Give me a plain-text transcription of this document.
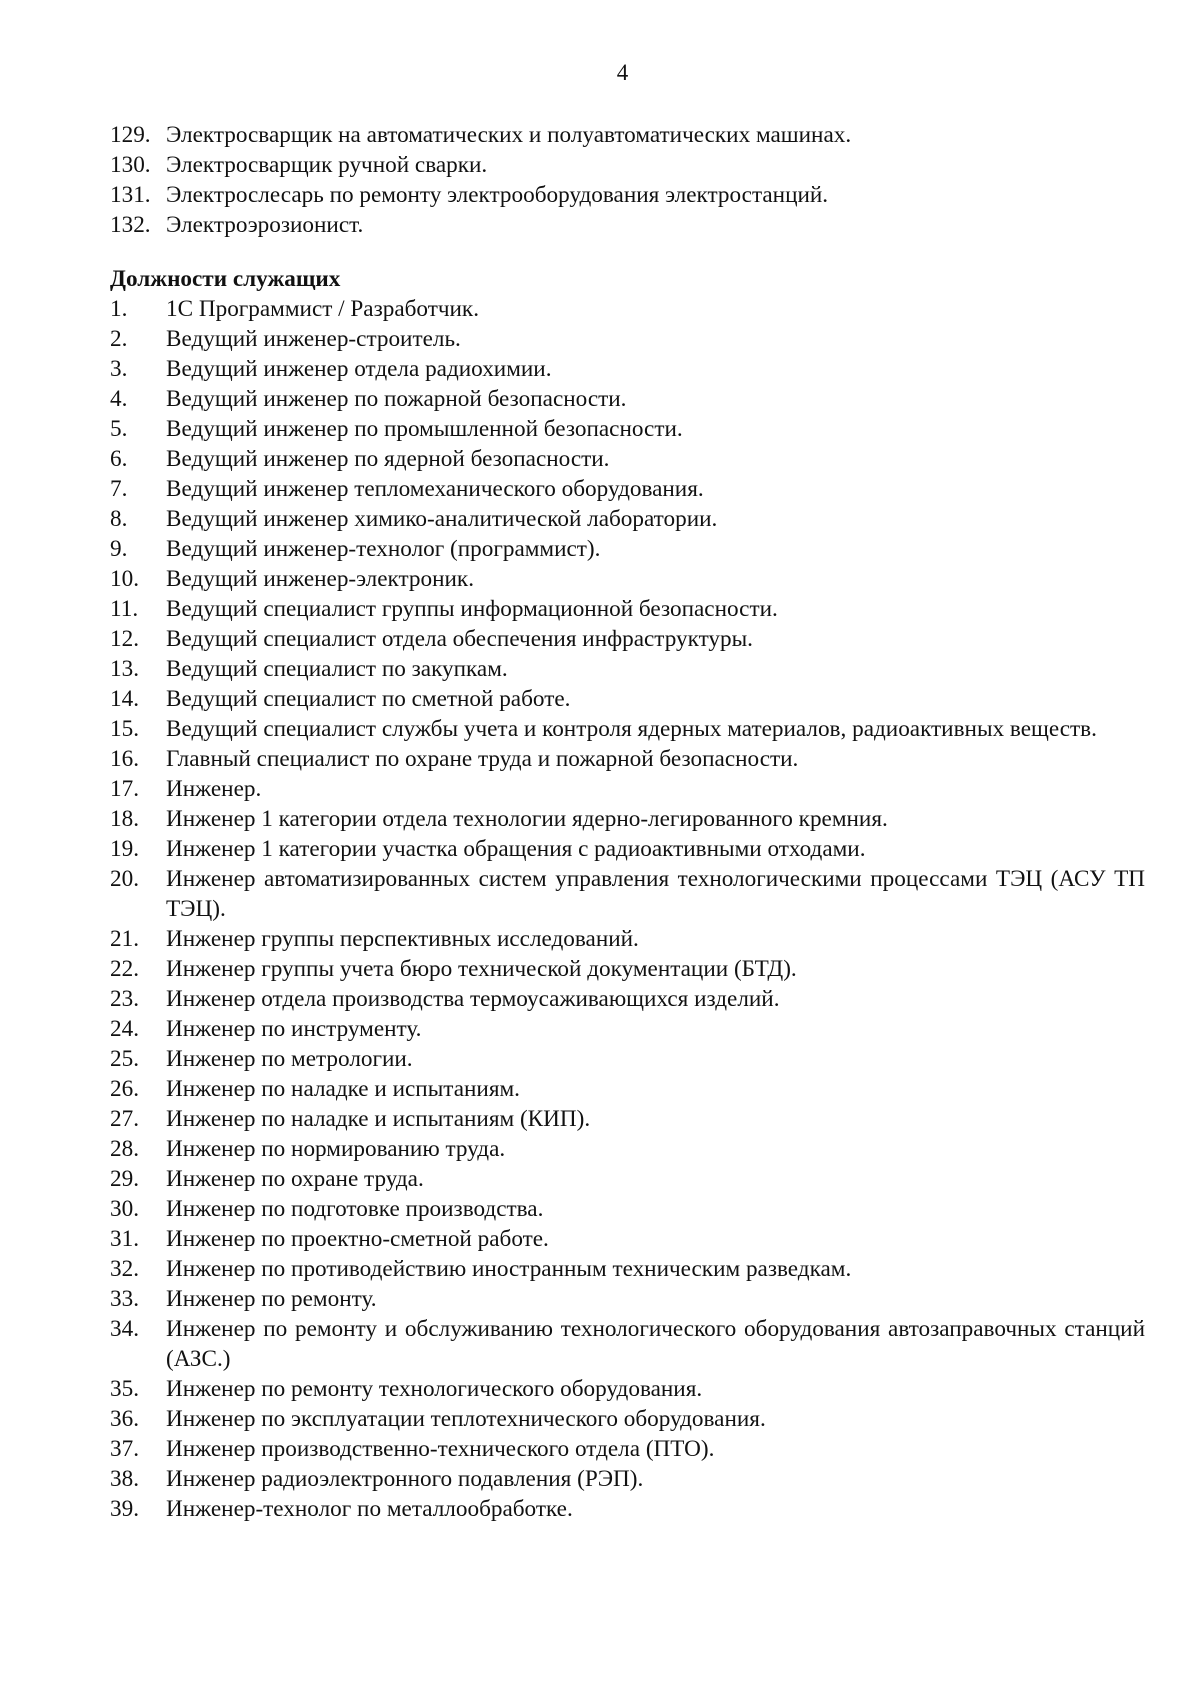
4
129. Электросварщик на автоматических и полуавтоматических машинах.
130. Электросварщик ручной сварки.
131. Электрослесарь по ремонту электрооборудования электростанций.
132. Электроэрозионист.
Должности служащих
1.	1С Программист / Разработчик.
2.	Ведущий инженер-строитель.
3.	Ведущий инженер отдела радиохимии.
4.	Ведущий инженер по пожарной безопасности.
5.	Ведущий инженер по промышленной безопасности.
6.	Ведущий инженер по ядерной безопасности.
7.	Ведущий инженер тепломеханического оборудования.
8.	Ведущий инженер химико-аналитической лаборатории.
9.	Ведущий инженер-технолог (программист).
10.	Ведущий инженер-электроник.
11.	Ведущий специалист группы информационной безопасности.
12.	Ведущий специалист отдела обеспечения инфраструктуры.
13.	Ведущий специалист по закупкам.
14.	Ведущий специалист по сметной работе.
15.	Ведущий специалист службы учета и контроля ядерных материалов, радиоактивных веществ.
16.	Главный специалист по охране труда и пожарной безопасности.
17.	Инженер.
18.	Инженер 1 категории отдела технологии ядерно-легированного кремния.
19.	Инженер 1 категории участка обращения с радиоактивными отходами.
20.	Инженер автоматизированных систем управления технологическими процессами ТЭЦ (АСУ ТП ТЭЦ).
21.	Инженер группы перспективных исследований.
22.	Инженер группы учета бюро технической документации (БТД).
23.	Инженер отдела производства термоусаживающихся изделий.
24.	Инженер по инструменту.
25.	Инженер по метрологии.
26.	Инженер по наладке и испытаниям.
27.	Инженер по наладке и испытаниям (КИП).
28.	Инженер по нормированию труда.
29.	Инженер по охране труда.
30.	Инженер по подготовке производства.
31.	Инженер по проектно-сметной работе.
32.	Инженер по противодействию иностранным техническим разведкам.
33.	Инженер по ремонту.
34.	Инженер по ремонту и обслуживанию технологического оборудования автозаправочных станций (АЗС.)
35.	Инженер по ремонту технологического оборудования.
36.	Инженер по эксплуатации теплотехнического оборудования.
37.	Инженер производственно-технического отдела (ПТО).
38.	Инженер радиоэлектронного подавления (РЭП).
39.	Инженер-технолог по металлообработке.
